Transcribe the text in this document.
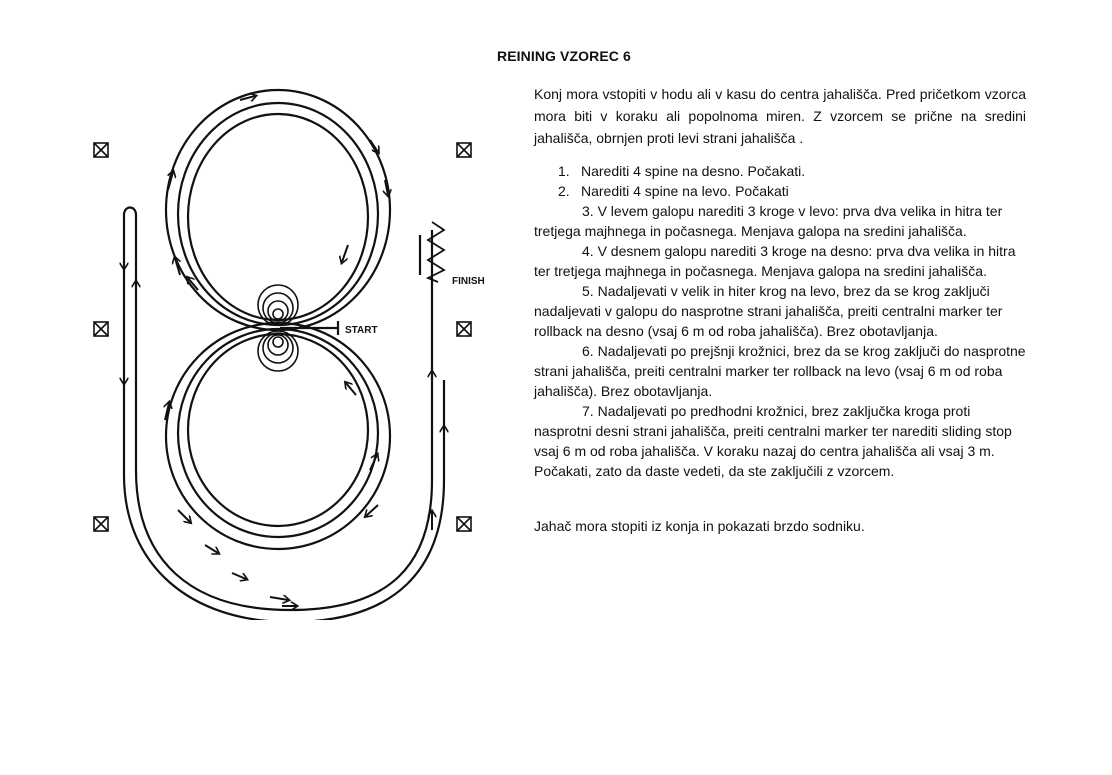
REINING VZOREC 6
START
FINISH

Konj mora vstopiti v hodu ali v kasu do centra jahališča. Pred pričetkom vzorca mora biti v koraku ali popolnoma miren. Z vzorcem se prične na sredini jahališča, obrnjen proti levi strani jahališča .

1. Narediti 4 spine na desno. Počakati.
2. Narediti 4 spine na levo. Počakati
3. V levem galopu narediti 3 kroge v levo: prva dva velika in hitra ter tretjega majhnega in počasnega. Menjava galopa na sredini jahališča.
4. V desnem galopu narediti 3 kroge na desno: prva dva velika in hitra ter tretjega majhnega in počasnega. Menjava galopa na sredini jahališča.
5. Nadaljevati v velik in hiter krog na levo, brez da se krog zaključi nadaljevati v galopu do nasprotne strani jahališča, preiti centralni marker ter rollback na desno (vsaj 6 m od roba jahališča). Brez obotavljanja.
6. Nadaljevati po prejšnji krožnici, brez da se krog zaključi do nasprotne strani jahališča, preiti centralni marker ter rollback na levo (vsaj 6 m od roba jahališča). Brez obotavljanja.
7. Nadaljevati po predhodni krožnici, brez zaključka kroga proti nasprotni desni strani jahališča, preiti centralni marker ter narediti sliding stop vsaj 6 m od roba jahališča. V koraku nazaj do centra jahališča ali vsaj 3 m. Počakati, zato da daste vedeti, da ste zaključili z vzorcem.

Jahač mora stopiti iz konja in pokazati brzdo sodniku.
